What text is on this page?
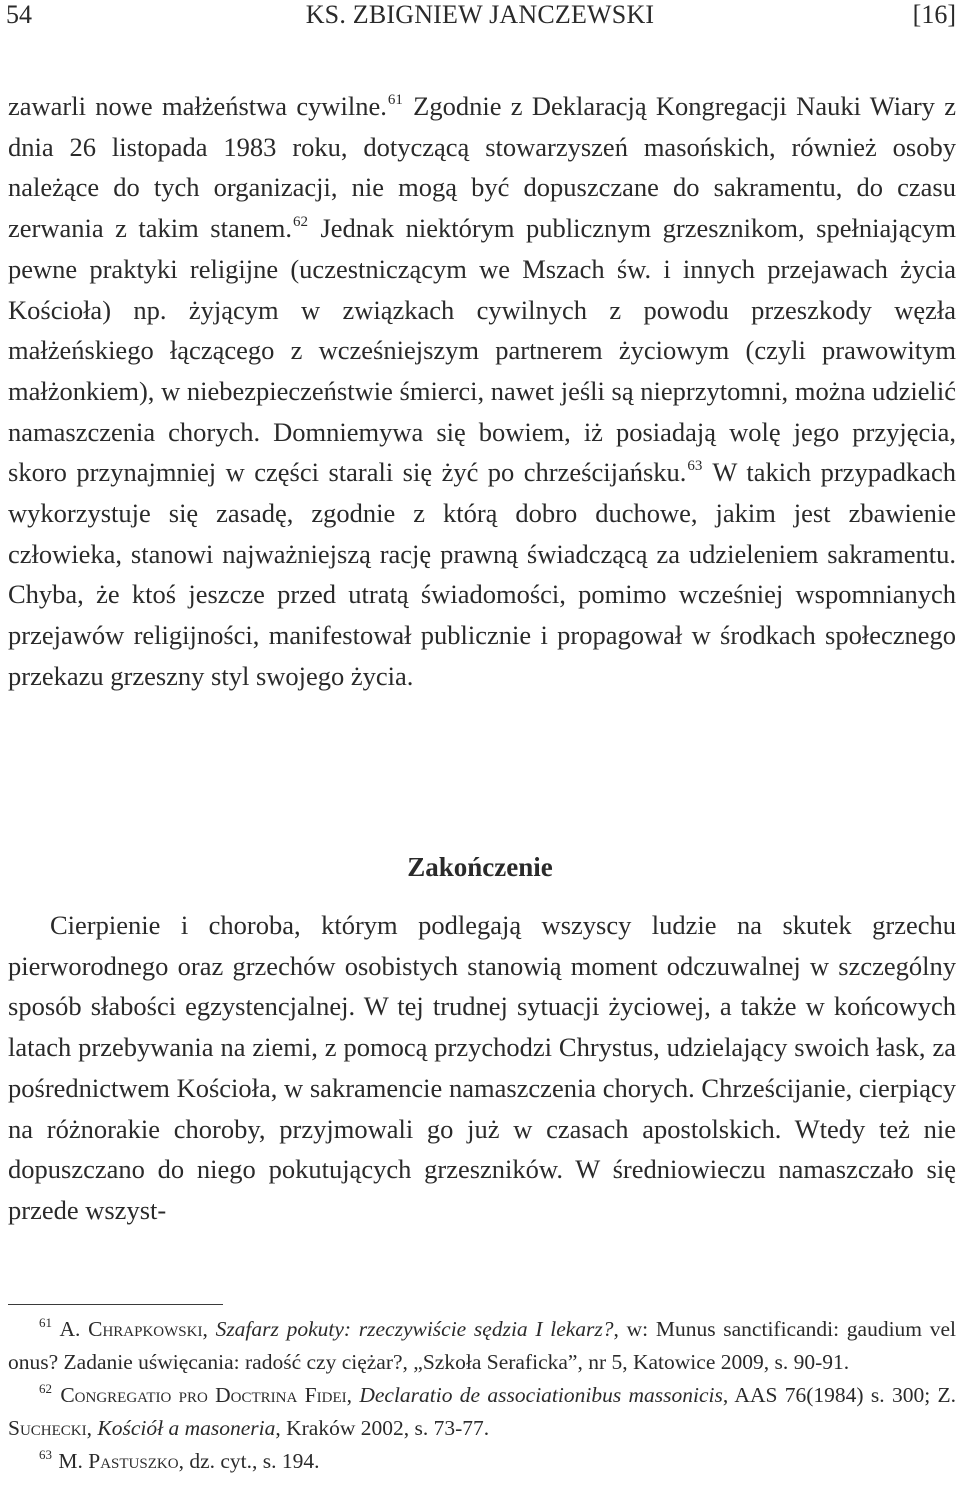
54	KS. ZBIGNIEW JANCZEWSKI	[16]

zawarli nowe małżeństwa cywilne.$^{61}$ Zgodnie z Deklaracją Kongregacji Nauki Wiary z dnia 26 listopada 1983 roku, dotyczącą stowarzyszeń masońskich, również osoby należące do tych organizacji, nie mogą być dopuszczane do sakramentu, do czasu zerwania z takim stanem.$^{62}$ Jednak niektórym publicznym grzesznikom, spełniającym pewne praktyki religijne (uczestniczącym we Mszach św. i innych przejawach życia Kościoła) np. żyjącym w związkach cywilnych z powodu przeszkody węzła małżeńskiego łączącego z wcześniejszym partnerem życiowym (czyli prawowitym małżonkiem), w niebezpieczeństwie śmierci, nawet jeśli są nieprzytomni, można udzielić namaszczenia chorych. Domniemywa się bowiem, iż posiadają wolę jego przyjęcia, skoro przynajmniej w części starali się żyć po chrześcijańsku.$^{63}$ W takich przypadkach wykorzystuje się zasadę, zgodnie z którą dobro duchowe, jakim jest zbawienie człowieka, stanowi najważniejszą rację prawną świadczącą za udzieleniem sakramentu. Chyba, że ktoś jeszcze przed utratą świadomości, pomimo wcześniej wspomnianych przejawów religijności, manifestował publicznie i propagował w środkach społecznego przekazu grzeszny styl swojego życia.

Zakończenie

Cierpienie i choroba, którym podlegają wszyscy ludzie na skutek grzechu pierworodnego oraz grzechów osobistych stanowią moment odczuwalnej w szczególny sposób słabości egzystencjalnej. W tej trudnej sytuacji życiowej, a także w końcowych latach przebywania na ziemi, z pomocą przychodzi Chrystus, udzielający swoich łask, za pośrednictwem Kościoła, w sakramencie namaszczenia chorych. Chrześcijanie, cierpiący na różnorakie choroby, przyjmowali go już w czasach apostolskich. Wtedy też nie dopuszczano do niego pokutujących grzeszników. W średniowieczu namaszczało się przede wszyst-

$^{61}$ A. Chrapkowski, Szafarz pokuty: rzeczywiście sędzia I lekarz?, w: Munus sanctificandi: gaudium vel onus? Zadanie uświęcania: radość czy ciężar?, „Szkoła Seraficka”, nr 5, Katowice 2009, s. 90-91.

$^{62}$ Congregatio pro Doctrina Fidei, Declaratio de associationibus massonicis, AAS 76(1984) s. 300; Z. Suchecki, Kościół a masoneria, Kraków 2002, s. 73-77.

$^{63}$ M. Pastuszko, dz. cyt., s. 194.
